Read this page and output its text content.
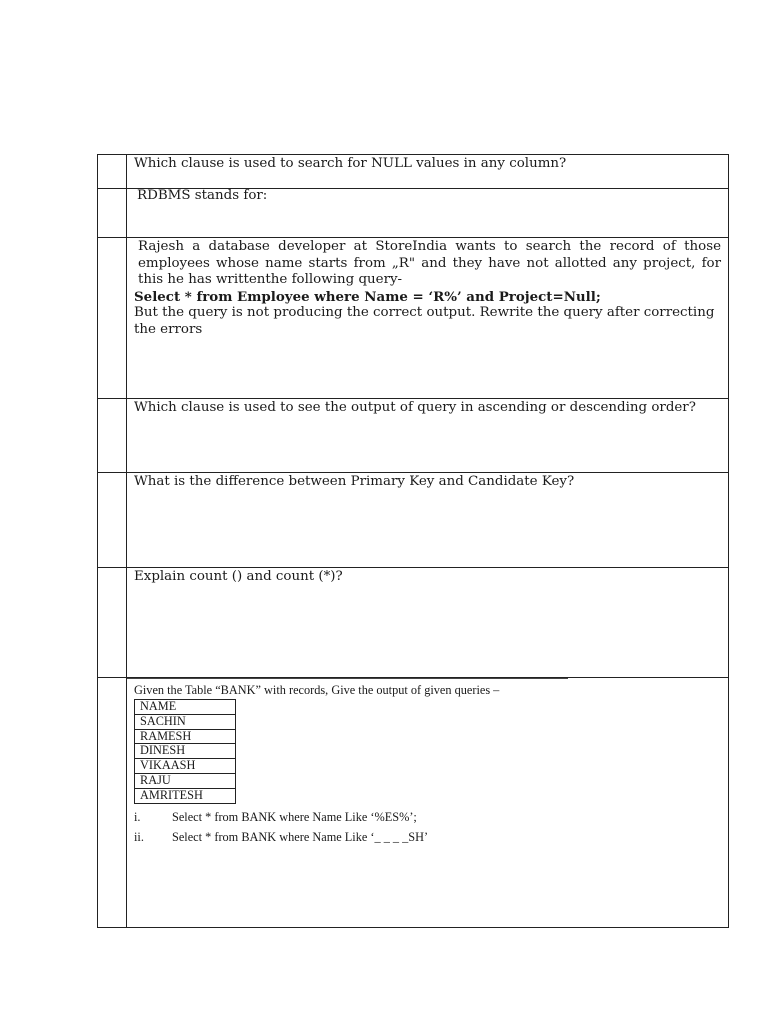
Which clause is used to search for NULL values in any column?

RDBMS stands for:

Rajesh a database developer at StoreIndia wants to search the record of those employees whose name starts from „R" and they have not allotted any project, for this he has writtenthe following query-
Select * from Employee where Name = ‘R%’ and Project=Null;
But the query is not producing the correct output. Rewrite the query after correcting the errors

Which clause is used to see the output of query in ascending or descending order?

What is the difference between Primary Key and Candidate Key?

Explain count () and count (*)?

Given the Table “BANK” with records, Give the output of given queries –
NAME
SACHIN
RAMESH
DINESH
VIKAASH
RAJU
AMRITESH
i.	Select * from BANK where Name Like ‘%ES%’;
ii.	Select * from BANK where Name Like ‘_ _ _ _SH’
